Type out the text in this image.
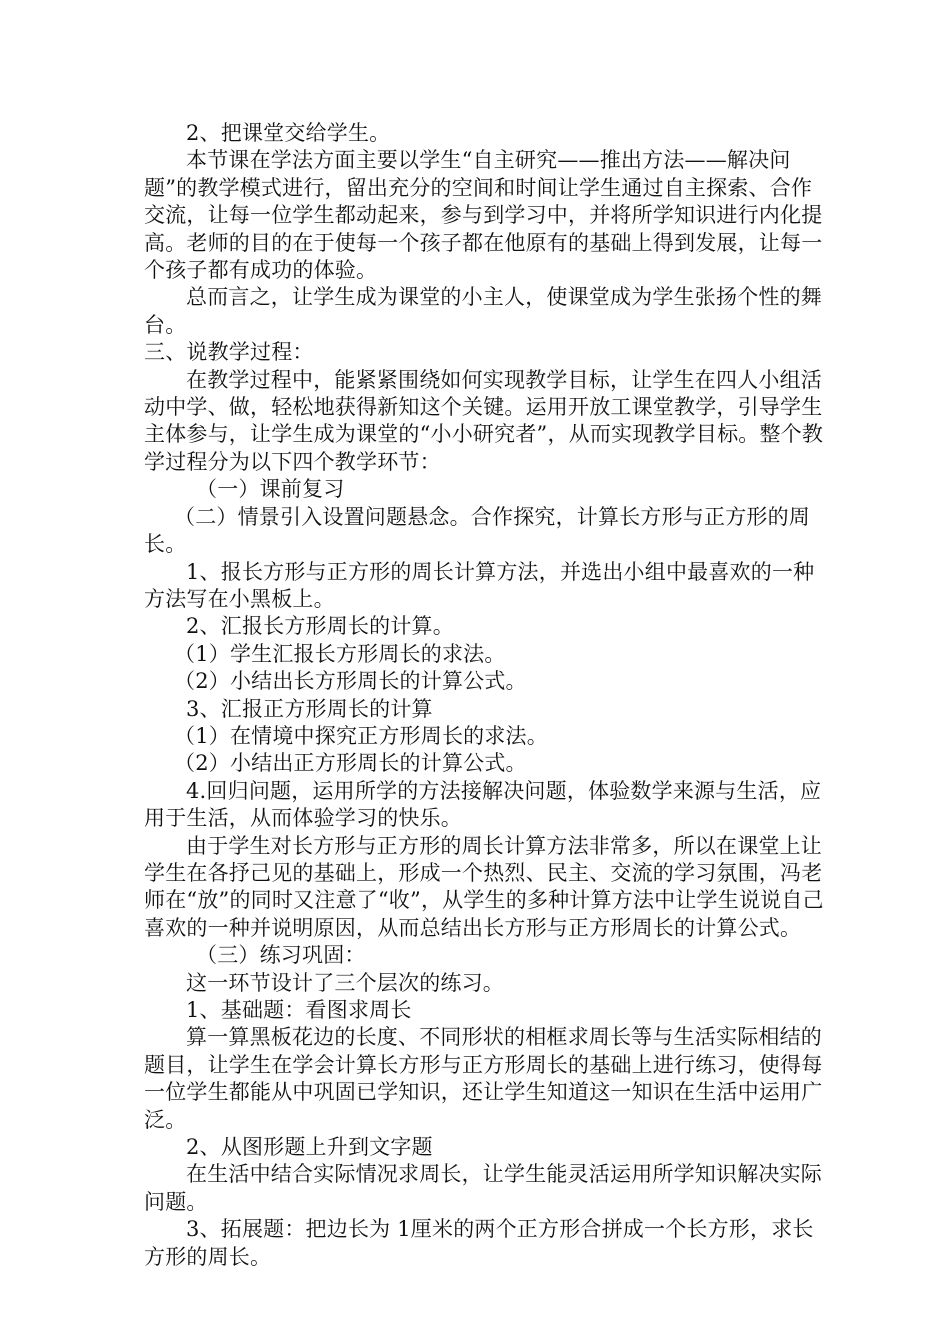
2、把课堂交给学生。

本节课在学法方面主要以学生“自主研究——推出方法——解决问题”的教学模式进行，留出充分的空间和时间让学生通过自主探索、合作交流，让每一位学生都动起来，参与到学习中，并将所学知识进行内化提高。老师的目的在于使每一个孩子都在他原有的基础上得到发展，让每一个孩子都有成功的体验。

总而言之，让学生成为课堂的小主人，使课堂成为学生张扬个性的舞台。

三、说教学过程：

在教学过程中，能紧紧围绕如何实现教学目标，让学生在四人小组活动中学、做，轻松地获得新知这个关键。运用开放工课堂教学，引导学生主体参与，让学生成为课堂的“小小研究者”，从而实现教学目标。整个教学过程分为以下四个教学环节：

（一）课前复习

（二）情景引入设置问题悬念。合作探究，计算长方形与正方形的周长。

1、报长方形与正方形的周长计算方法，并选出小组中最喜欢的一种方法写在小黑板上。

2、汇报长方形周长的计算。

（1）学生汇报长方形周长的求法。

（2）小结出长方形周长的计算公式。

3、汇报正方形周长的计算

（1）在情境中探究正方形周长的求法。

（2）小结出正方形周长的计算公式。

4.回归问题，运用所学的方法接解决问题，体验数学来源与生活，应用于生活，从而体验学习的快乐。

由于学生对长方形与正方形的周长计算方法非常多，所以在课堂上让学生在各抒己见的基础上，形成一个热烈、民主、交流的学习氛围，冯老师在“放”的同时又注意了“收”，从学生的多种计算方法中让学生说说自己喜欢的一种并说明原因，从而总结出长方形与正方形周长的计算公式。

（三）练习巩固：

这一环节设计了三个层次的练习。

1、基础题：看图求周长

算一算黑板花边的长度、不同形状的相框求周长等与生活实际相结的题目，让学生在学会计算长方形与正方形周长的基础上进行练习，使得每一位学生都能从中巩固已学知识，还让学生知道这一知识在生活中运用广泛。

2、从图形题上升到文字题

在生活中结合实际情况求周长，让学生能灵活运用所学知识解决实际问题。

3、拓展题：把边长为 1厘米的两个正方形合拼成一个长方形，求长方形的周长。
